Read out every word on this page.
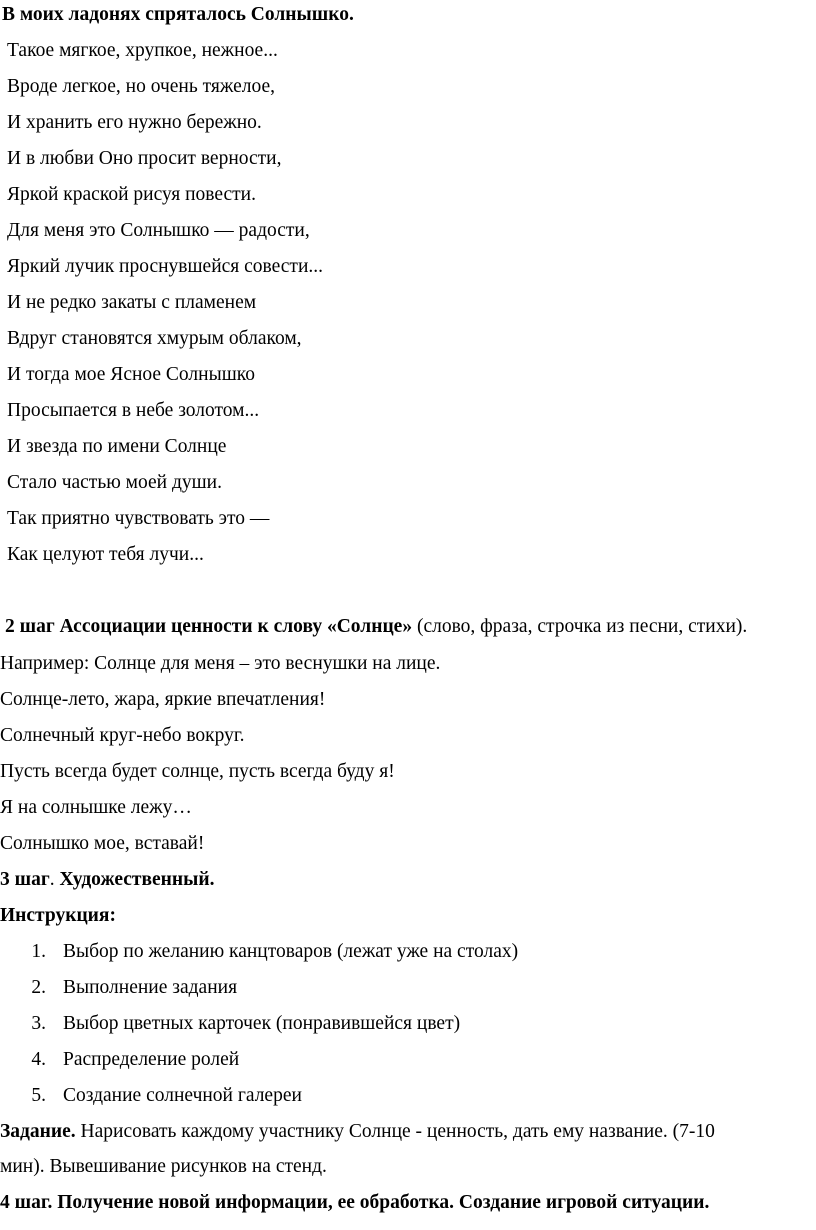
В моих ладонях спряталось Солнышко.
Такое мягкое, хрупкое, нежное...
Вроде легкое, но очень тяжелое,
И хранить его нужно бережно.
И в любви Оно просит верности,
Яркой краской рисуя повести.
Для меня это Солнышко — радости,
Яркий лучик проснувшейся совести...
И не редко закаты с пламенем
Вдруг становятся хмурым облаком,
И тогда мое Ясное Солнышко
Просыпается в небе золотом...
И звезда по имени Солнце
Стало частью моей души.
Так приятно чувствовать это —
Как целуют тебя лучи...
2 шаг Ассоциации ценности к слову «Солнце» (слово, фраза, строчка из песни, стихи).
Например: Солнце для меня – это веснушки на лице.
Солнце-лето, жара, яркие впечатления!
Солнечный круг-небо вокруг.
Пусть всегда будет солнце, пусть всегда буду я!
Я на солнышке лежу…
Солнышко мое, вставай!
3 шаг. Художественный.
Инструкция:
1. Выбор по желанию канцтоваров (лежат уже на столах)
2. Выполнение задания
3. Выбор цветных карточек (понравившейся цвет)
4. Распределение ролей
5. Создание солнечной галереи
Задание. Нарисовать каждому участнику Солнце - ценность, дать ему название. (7-10
мин). Вывешивание рисунков на стенд.
4 шаг. Получение новой информации, ее обработка. Создание игровой ситуации.
